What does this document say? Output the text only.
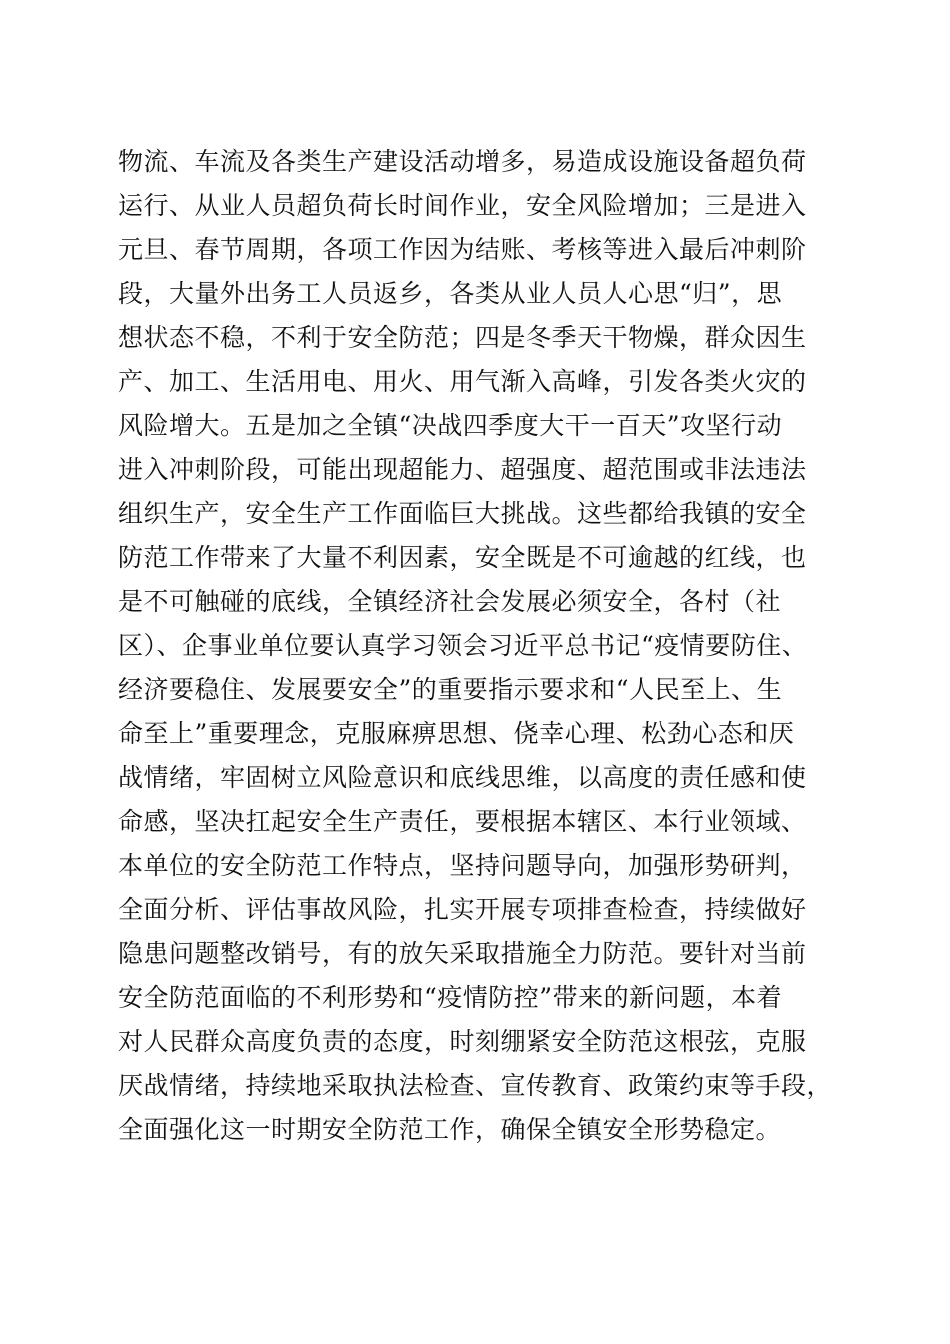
物流、车流及各类生产建设活动增多，易造成设施设备超负荷
运行、从业人员超负荷长时间作业，安全风险增加；三是进入
元旦、春节周期，各项工作因为结账、考核等进入最后冲刺阶
段，大量外出务工人员返乡，各类从业人员人心思“归”，思
想状态不稳，不利于安全防范；四是冬季天干物燥，群众因生
产、加工、生活用电、用火、用气渐入高峰，引发各类火灾的
风险增大。五是加之全镇“决战四季度大干一百天”攻坚行动
进入冲刺阶段，可能出现超能力、超强度、超范围或非法违法
组织生产，安全生产工作面临巨大挑战。这些都给我镇的安全
防范工作带来了大量不利因素，安全既是不可逾越的红线，也
是不可触碰的底线，全镇经济社会发展必须安全，各村（社
区）、企事业单位要认真学习领会习近平总书记“疫情要防住、
经济要稳住、发展要安全”的重要指示要求和“人民至上、生
命至上”重要理念，克服麻痹思想、侥幸心理、松劲心态和厌
战情绪，牢固树立风险意识和底线思维，以高度的责任感和使
命感，坚决扛起安全生产责任，要根据本辖区、本行业领域、
本单位的安全防范工作特点，坚持问题导向，加强形势研判，
全面分析、评估事故风险，扎实开展专项排查检查，持续做好
隐患问题整改销号，有的放矢采取措施全力防范。要针对当前
安全防范面临的不利形势和“疫情防控”带来的新问题，本着
对人民群众高度负责的态度，时刻绷紧安全防范这根弦，克服
厌战情绪，持续地采取执法检查、宣传教育、政策约束等手段，
全面强化这一时期安全防范工作，确保全镇安全形势稳定。
